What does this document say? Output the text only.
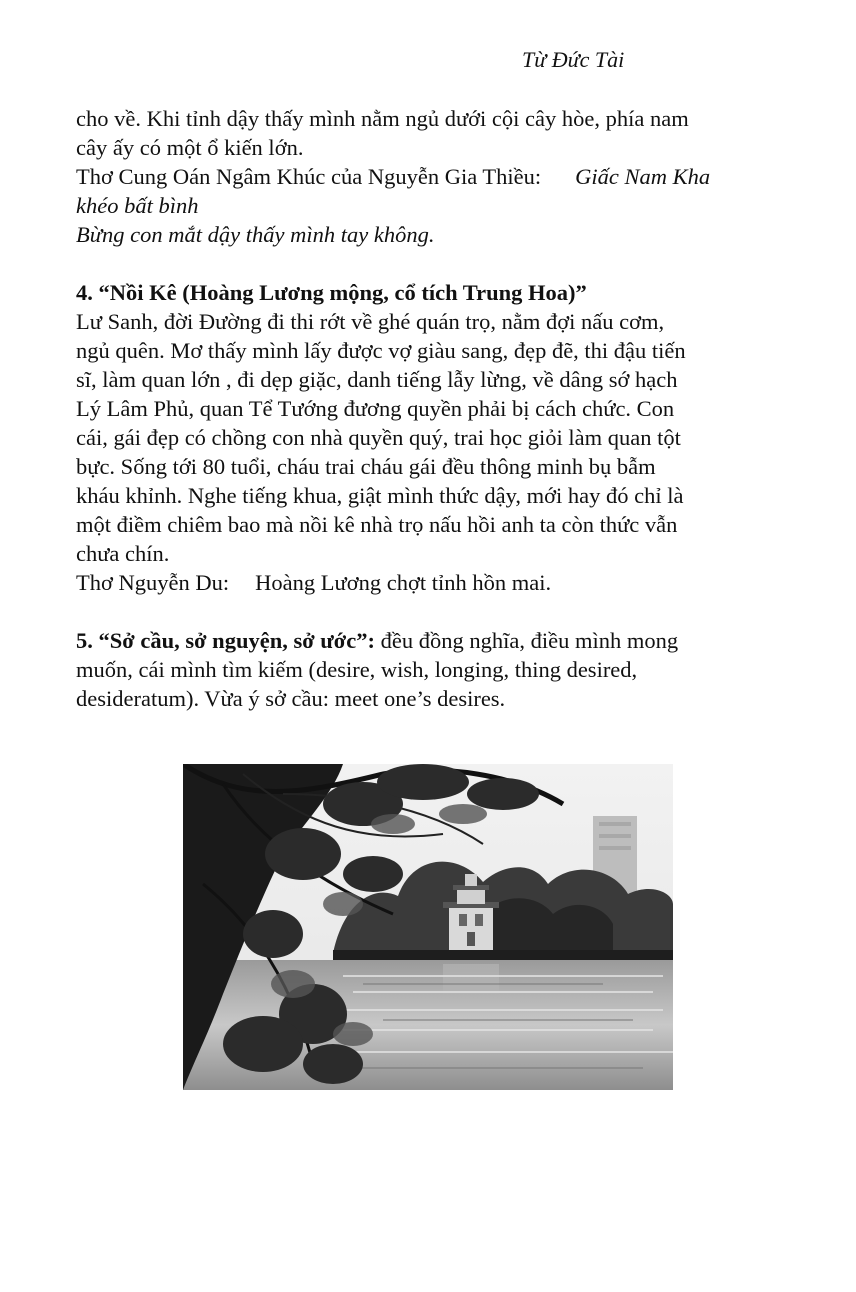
Từ Đức Tài

cho về. Khi tỉnh dậy thấy mình nằm ngủ dưới cội cây hòe, phía nam

cây ấy có một ổ kiến lớn.

Thơ Cung Oán Ngâm Khúc của Nguyễn Gia Thiều: Giấc Nam Kha

khéo bất bình

Bừng con mắt dậy thấy mình tay không.

4. “Nồi Kê (Hoàng Lương mộng, cổ tích Trung Hoa)”

Lư Sanh, đời Đường đi thi rớt về ghé quán trọ, nằm đợi nấu cơm,

ngủ quên. Mơ thấy mình lấy được vợ giàu sang, đẹp đẽ, thi đậu tiến

sĩ, làm quan lớn , đi dẹp giặc, danh tiếng lẫy lừng, về dâng sớ hạch

Lý Lâm Phủ, quan Tể Tướng đương quyền phải bị cách chức. Con

cái, gái đẹp có chồng con nhà quyền quý, trai học giỏi làm quan tột

bực. Sống tới 80 tuổi, cháu trai cháu gái đều thông minh bụ bẫm

kháu khỉnh. Nghe tiếng khua, giật mình thức dậy, mới hay đó chỉ là

một điềm chiêm bao mà nồi kê nhà trọ nấu hồi anh ta còn thức vẫn

chưa chín.

Thơ Nguyễn Du: Hoàng Lương chợt tỉnh hồn mai.

5. “Sở cầu, sở nguyện, sở ước”: đều đồng nghĩa, điều mình mong

muốn, cái mình tìm kiếm (desire, wish, longing, thing desired,

desideratum). Vừa ý sở cầu: meet one’s desires.
